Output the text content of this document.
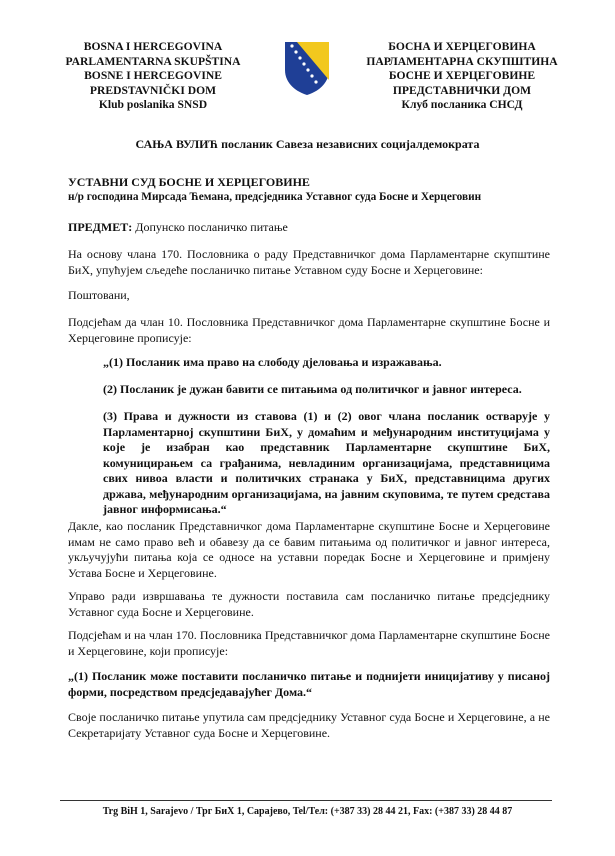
BOSNA I HERCEGOVINA
PARLAMENTARNA SKUPŠTINA
BOSNE I HERCEGOVINE
PREDSTAVNIČKI DOM
Klub poslanika SNSD
БОСНА И ХЕРЦЕГОВИНА
ПАРЛАМЕНТАРНА СКУПШТИНА
БОСНЕ И ХЕРЦЕГОВИНЕ
ПРЕДСТАВНИЧКИ ДОМ
Клуб посланика СНСД
САЊА ВУЛИЋ посланик Савеза независних социјалдемократа
УСТАВНИ СУД БОСНЕ И ХЕРЦЕГОВИНЕ
н/р господина Мирсада Ћемана, предсједника Уставног суда Босне и Херцеговин
ПРЕДМЕТ: Допунско посланичко питање
На основу члана 170. Пословника о раду Представничког дома Парламентарне скупштине БиХ, упућујем сљедеће посланичко питање Уставном суду Босне и Херцеговине:
Поштовани,
Подсјећам да члан 10. Пословника Представничког дома Парламентарне скупштине Босне и Херцеговине прописује:
„(1) Посланик има право на слободу дјеловања и изражавања.
(2) Посланик је дужан бавити се питањима од политичког и јавног интереса.
(3) Права и дужности из ставова (1) и (2) овог члана посланик остварује у Парламентарној скупштини БиХ, у домаћим и међународним институцијама у које је изабран као представник Парламентарне скупштине БиХ, комуницирањем са грађанима, невладиним организацијама, представницима свих нивоа власти и политичких странака у БиХ, представницима других држава, међународним организацијама, на јавним скуповима, те путем средстава јавног информисања.“
Дакле, као посланик Представничког дома Парламентарне скупштине Босне и Херцеговине имам не само право већ и обавезу да се бавим питањима од политичког и јавног интереса, укључујући питања која се односе на уставни поредак Босне и Херцеговине и примјену Устава Босне и Херцеговине.
Управо ради извршавања те дужности поставила сам посланичко питање предсједнику Уставног суда Босне и Херцеговине.
Подсјећам и на члан 170. Пословника Представничког дома Парламентарне скупштине Босне и Херцеговине, који прописује:
„(1) Посланик може поставити посланичко питање и поднијети иницијативу у писаној форми, посредством предсједавајућег Дома.“
Своје посланичко питање упутила сам предсједнику Уставног суда Босне и Херцеговине, а не Секретаријату Уставног суда Босне и Херцеговине.
Trg BiH 1, Sarajevo / Трг БиХ 1, Сарајево, Tel/Тел: (+387 33) 28 44 21, Fax: (+387 33) 28 44 87
